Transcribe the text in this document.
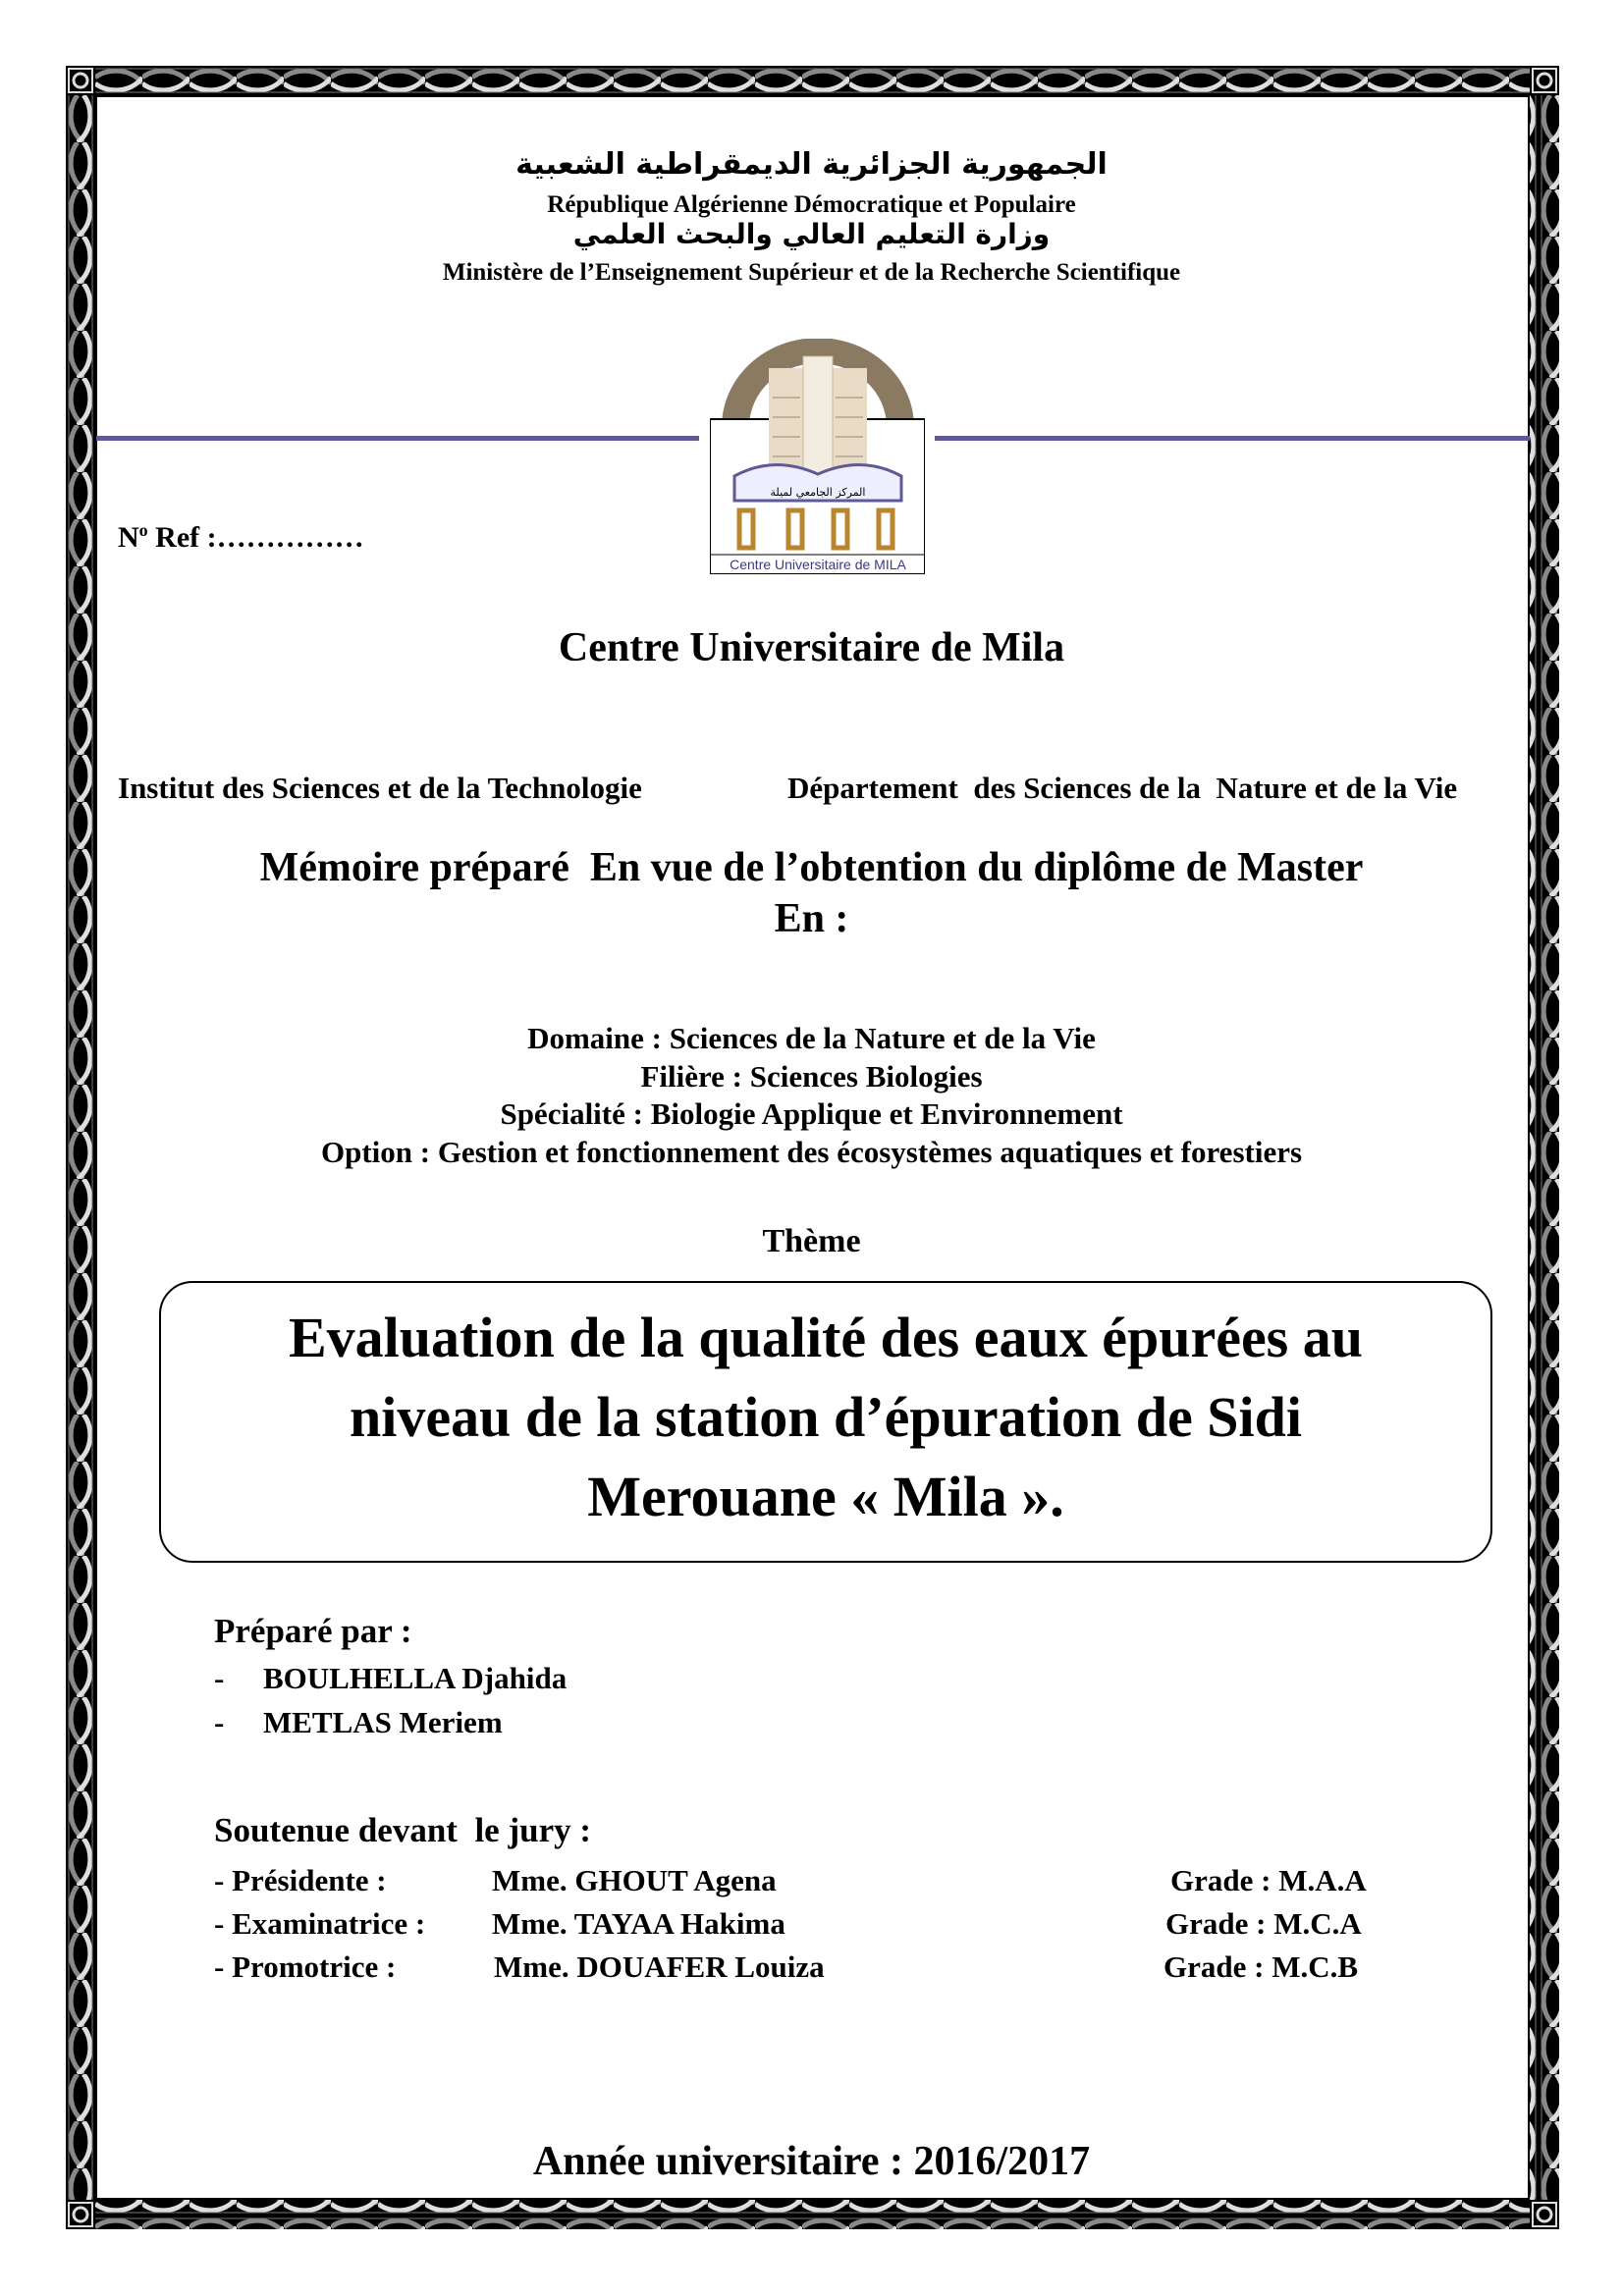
الجمهورية الجزائرية الديمقراطية الشعبية
République Algérienne Démocratique et Populaire
وزارة التعليم العالي والبحث العلمي
Ministère de l’Enseignement Supérieur et de la Recherche Scientifique
المركز الجامعي لميلة
Centre Universitaire de MILA
$N^o$ Ref :……………
Centre Universitaire de Mila
Institut des Sciences et de la Technologie	Département  des Sciences de la  Nature et de la Vie
Mémoire préparé  En vue de l’obtention du diplôme de Master
En :
Domaine : Sciences de la Nature et de la Vie
Filière : Sciences Biologies
Spécialité : Biologie Applique et Environnement
Option : Gestion et fonctionnement des écosystèmes aquatiques et forestiers
Thème
Evaluation de la qualité des eaux épurées au
niveau de la station d’épuration de Sidi
Merouane « Mila ».
Préparé par :
- BOULHELLA Djahida
- METLAS Meriem
Soutenue devant  le jury :
- Présidente :	Mme. GHOUT Agena	Grade : M.A.A
- Examinatrice : Mme. TAYAA Hakima	Grade : M.C.A
- Promotrice :	Mme. DOUAFER Louiza	Grade : M.C.B
Année universitaire : 2016/2017
